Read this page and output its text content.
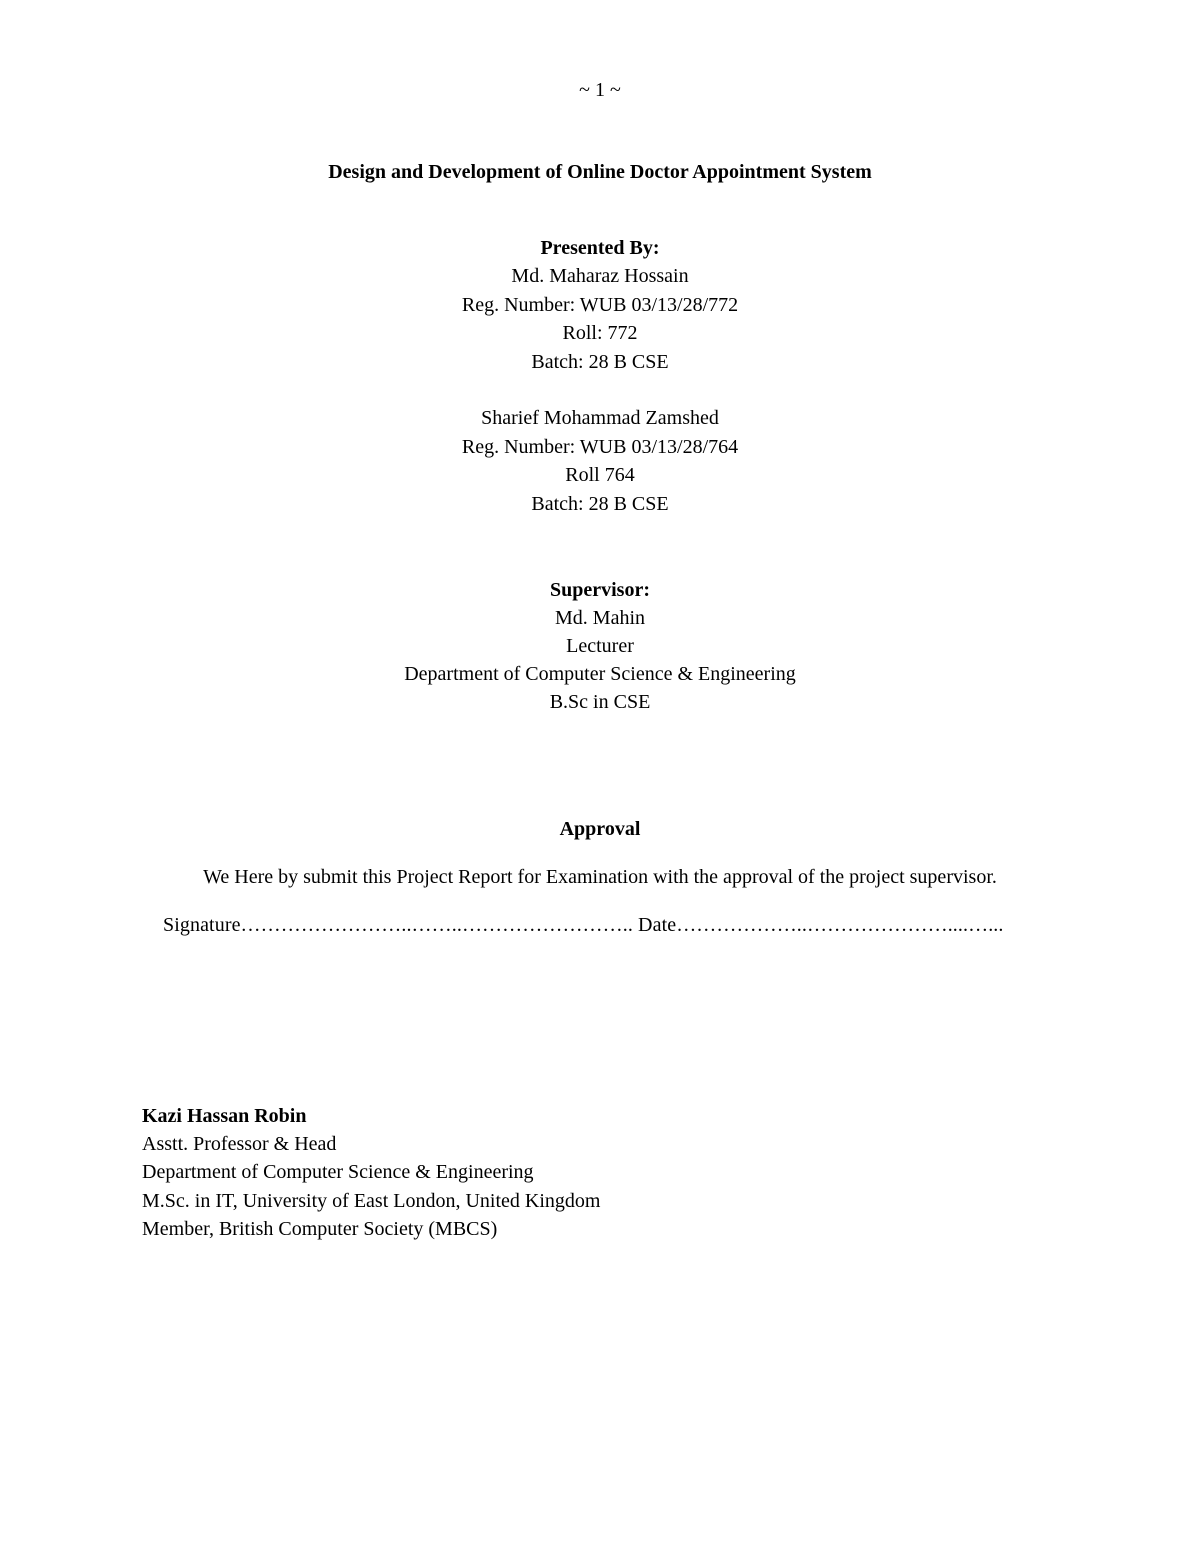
~ 1 ~
Design and Development of Online Doctor Appointment System
Presented By:
Md. Maharaz Hossain
Reg. Number: WUB 03/13/28/772
Roll: 772
Batch: 28 B CSE
Sharief Mohammad Zamshed
Reg. Number: WUB 03/13/28/764
Roll 764
Batch: 28 B CSE
Supervisor:
Md. Mahin
Lecturer
Department of Computer Science & Engineering
B.Sc in CSE
Approval
We Here by submit this Project Report for Examination with the approval of the project supervisor.
Signature……………………..……..…………………….. Date………………..…………………....…...
Kazi Hassan Robin
Asstt. Professor & Head
Department of Computer Science & Engineering
M.Sc. in IT, University of East London, United Kingdom
Member, British Computer Society (MBCS)
